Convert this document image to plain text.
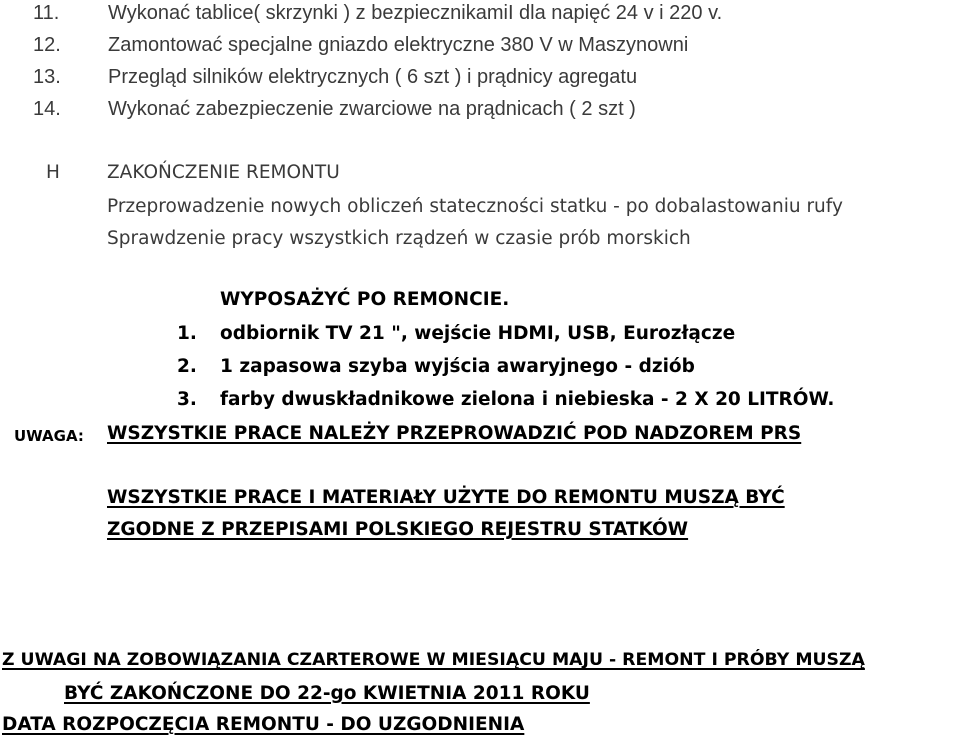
11. Wykonać tablice( skrzynki ) z bezpiecznikamiI dla napięć 24 v i 220 v.
12. Zamontować specjalne gniazdo elektryczne 380 V w Maszynowni
13. Przegląd silników elektrycznych ( 6 szt ) i prądnicy agregatu
14. Wykonać zabezpieczenie zwarciowe na prądnicach ( 2 szt )
H	ZAKOŃCZENIE REMONTU
Przeprowadzenie nowych obliczeń stateczności statku - po dobalastowaniu rufy
Sprawdzenie pracy wszystkich rządzeń w czasie prób morskich
WYPOSAŻYĆ PO REMONCIE.
1. odbiornik TV 21 ", wejście HDMI, USB, Eurozłącze
2. 1 zapasowa szyba wyjścia awaryjnego - dziób
3. farby dwuskładnikowe zielona i niebieska - 2 X 20 LITRÓW.
UWAGA: WSZYSTKIE PRACE NALEŻY PRZEPROWADZIĆ POD NADZOREM PRS
WSZYSTKIE PRACE I MATERIAŁY UŻYTE DO REMONTU MUSZĄ BYĆ
ZGODNE Z PRZEPISAMI POLSKIEGO REJESTRU STATKÓW
Z UWAGI NA ZOBOWIĄZANIA CZARTEROWE W MIESIĄCU MAJU - REMONT I PRÓBY MUSZĄ
BYĆ ZAKOŃCZONE DO 22-go KWIETNIA 2011 ROKU
DATA ROZPOCZĘCIA REMONTU - DO UZGODNIENIA
